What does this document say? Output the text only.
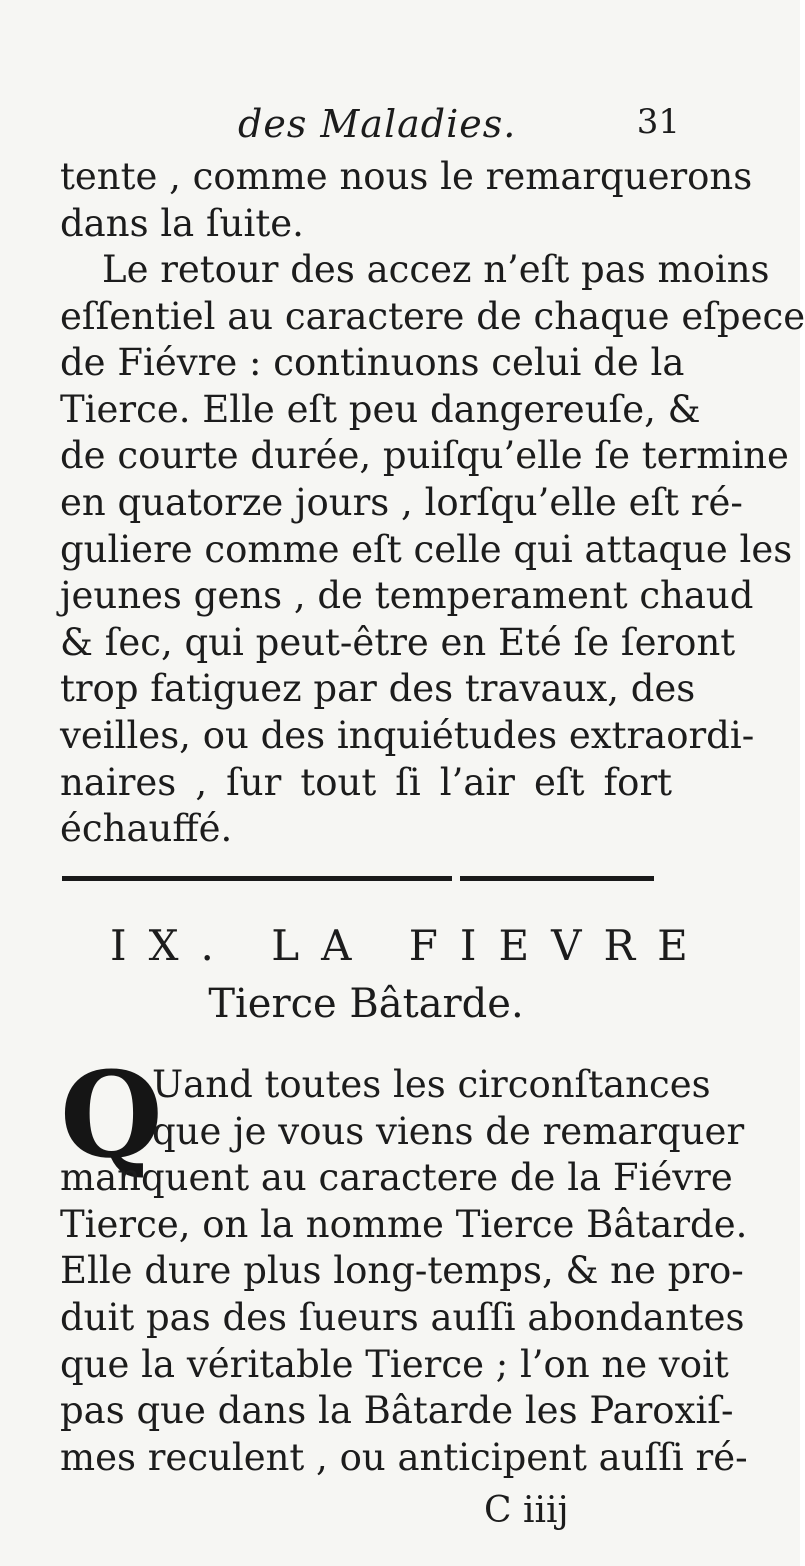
des Maladies.	31
tente , comme nous le remarquerons
dans la ſuite.
Le retour des accez n’eſt pas moins
eſſentiel au caractere de chaque eſpece
de Fiévre : continuons celui de la
Tierce. Elle eſt peu dangereuſe, &
de courte durée, puiſqu’elle ſe termine
en quatorze jours , lorſqu’elle eſt ré-
guliere comme eſt celle qui attaque les
jeunes gens , de temperament chaud
& ſec, qui peut-être en Eté ſe ſeront
trop fatiguez par des travaux, des
veilles, ou des inquiétudes extraordi-
naires , ſur tout ſi l’air eſt fort
échauffé.
IX. LA FIEVRE
Tierce Bâtarde.
Q
Uand toutes les circonſtances
que je vous viens de remarquer
manquent au caractere de la Fiévre
Tierce, on la nomme Tierce Bâtarde.
Elle dure plus long-temps, & ne pro-
duit pas des ſueurs auſſi abondantes
que la véritable Tierce ; l’on ne voit
pas que dans la Bâtarde les Paroxiſ-
mes reculent , ou anticipent auſſi ré-
C iiij
